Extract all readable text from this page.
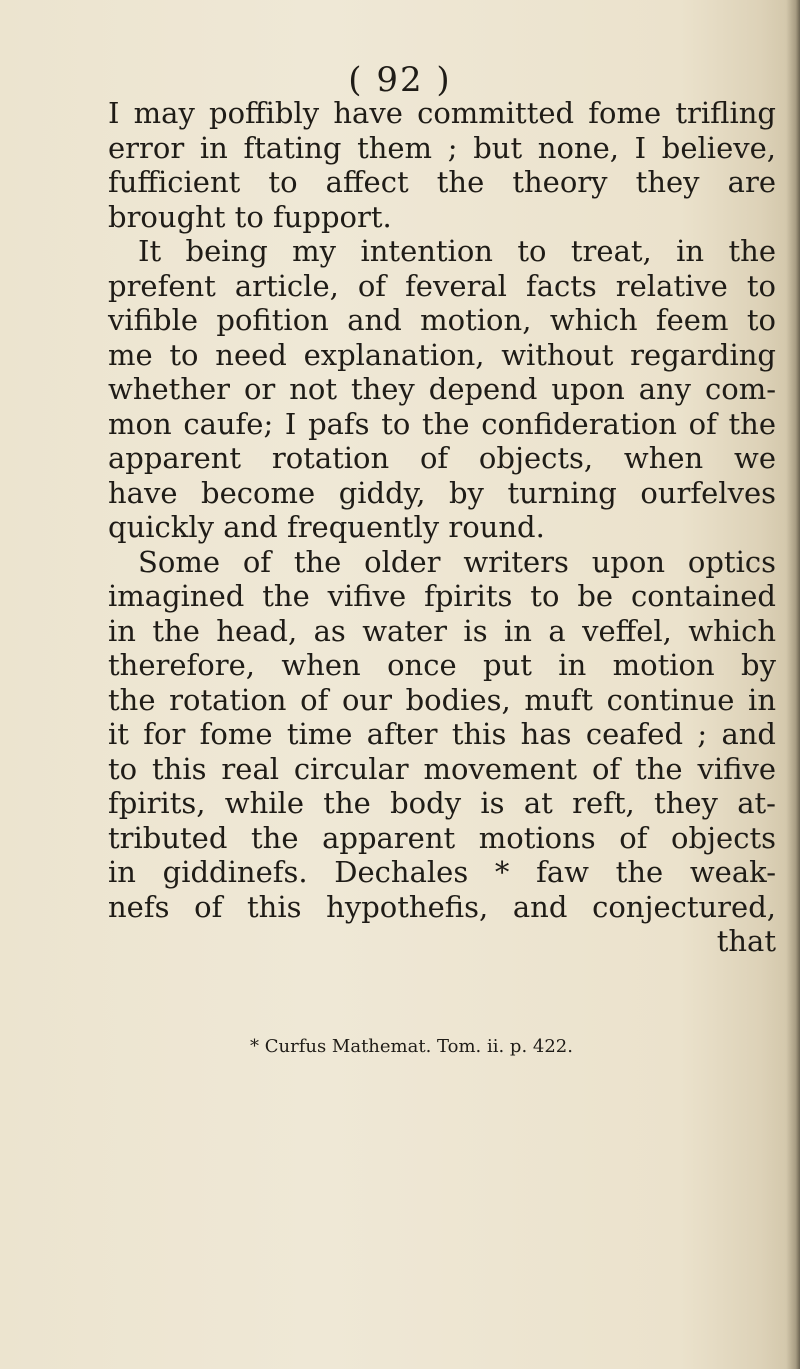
( 92 )
I may poffibly have committed fome trifling
error in ftating them ; but none, I believe,
fufficient to affect the theory they are
brought to fupport.
It being my intention to treat, in the
prefent article, of feveral facts relative to
vifible pofition and motion, which feem to
me to need explanation, without regarding
whether or not they depend upon any com-
mon caufe; I pafs to the confideration of the
apparent rotation of objects, when we
have become giddy, by turning ourfelves
quickly and frequently round.
Some of the older writers upon optics
imagined the vifive fpirits to be contained
in the head, as water is in a veffel, which
therefore, when once put in motion by
the rotation of our bodies, muft continue in
it for fome time after this has ceafed ; and
to this real circular movement of the vifive
fpirits, while the body is at reft, they at-
tributed the apparent motions of objects
in giddinefs. Dechales * faw the weak-
nefs of this hypothefis, and conjectured,
that
* Curfus Mathemat. Tom. ii. p. 422.
